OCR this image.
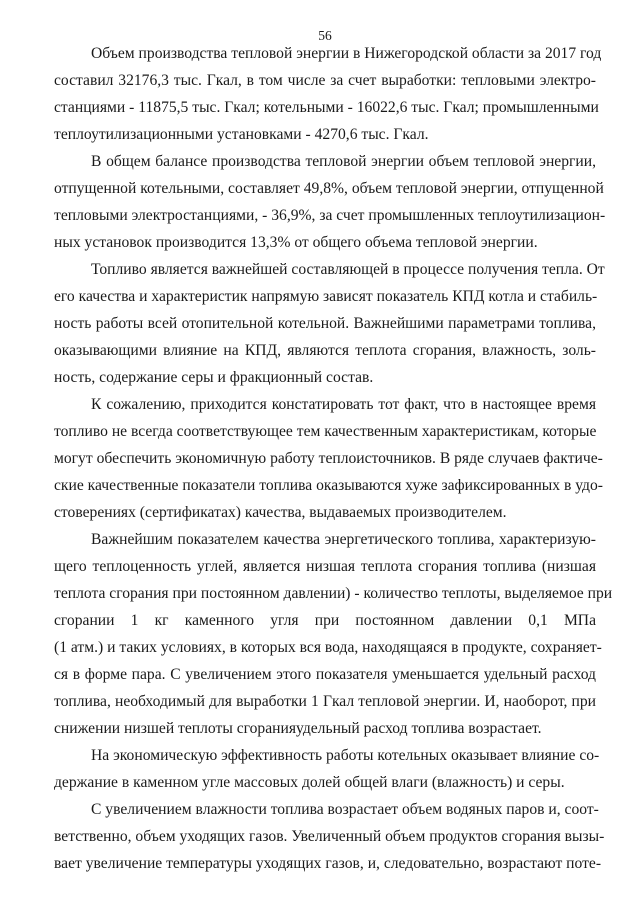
56
Объем производства тепловой энергии в Нижегородской области за 2017 год
составил 32176,3 тыс. Гкал, в том числе за счет выработки: тепловыми электро-
станциями - 11875,5 тыс. Гкал; котельными - 16022,6 тыс. Гкал; промышленными
теплоутилизационными установками - 4270,6 тыс. Гкал.
В общем балансе производства тепловой энергии объем тепловой энергии,
отпущенной котельными, составляет 49,8%, объем тепловой энергии, отпущенной
тепловыми электростанциями, - 36,9%, за счет промышленных теплоутилизацион-
ных установок производится 13,3% от общего объема тепловой энергии.
Топливо является важнейшей составляющей в процессе получения тепла. От
его качества и характеристик напрямую зависят показатель КПД котла и стабиль-
ность работы всей отопительной котельной. Важнейшими параметрами топлива,
оказывающими влияние на КПД, являются теплота сгорания, влажность, золь-
ность, содержание серы и фракционный состав.
К сожалению, приходится констатировать тот факт, что в настоящее время
топливо не всегда соответствующее тем качественным характеристикам, которые
могут обеспечить экономичную работу теплоисточников. В ряде случаев фактиче-
ские качественные показатели топлива оказываются хуже зафиксированных в удо-
стоверениях (сертификатах) качества, выдаваемых производителем.
Важнейшим показателем качества энергетического топлива, характеризую-
щего теплоценность углей, является низшая теплота сгорания топлива (низшая
теплота сгорания при постоянном давлении) - количество теплоты, выделяемое при
сгорании 1 кг каменного угля при постоянном давлении 0,1 МПа
(1 атм.) и таких условиях, в которых вся вода, находящаяся в продукте, сохраняет-
ся в форме пара. С увеличением этого показателя уменьшается удельный расход
топлива, необходимый для выработки 1 Гкал тепловой энергии. И, наоборот, при
снижении низшей теплоты сгоранияудельный расход топлива возрастает.
На экономическую эффективность работы котельных оказывает влияние со-
держание в каменном угле массовых долей общей влаги (влажность) и серы.
С увеличением влажности топлива возрастает объем водяных паров и, соот-
ветственно, объем уходящих газов. Увеличенный объем продуктов сгорания вызы-
вает увеличение температуры уходящих газов, и, следовательно, возрастают поте-
